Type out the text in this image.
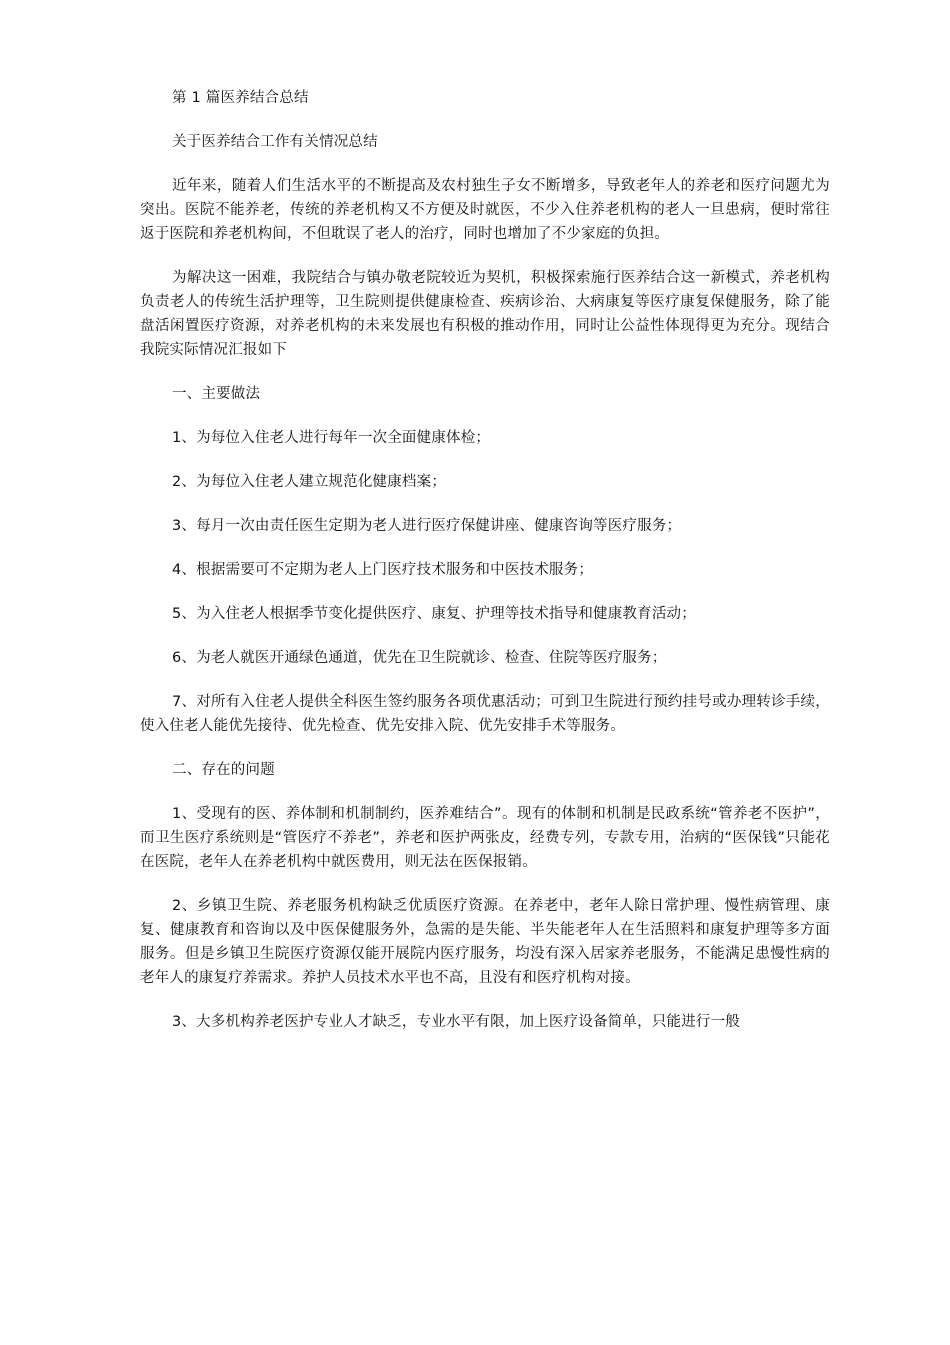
第 1 篇医养结合总结

关于医养结合工作有关情况总结

近年来，随着人们生活水平的不断提高及农村独生子女不断增多，导致老年人的养老和医疗问题尤为突出。医院不能养老，传统的养老机构又不方便及时就医，不少入住养老机构的老人一旦患病，便时常往返于医院和养老机构间，不但耽误了老人的治疗，同时也增加了不少家庭的负担。

为解决这一困难，我院结合与镇办敬老院较近为契机，积极探索施行医养结合这一新模式，养老机构负责老人的传统生活护理等，卫生院则提供健康检查、疾病诊治、大病康复等医疗康复保健服务，除了能盘活闲置医疗资源，对养老机构的未来发展也有积极的推动作用，同时让公益性体现得更为充分。现结合我院实际情况汇报如下

一、主要做法

1、为每位入住老人进行每年一次全面健康体检；

2、为每位入住老人建立规范化健康档案；

3、每月一次由责任医生定期为老人进行医疗保健讲座、健康咨询等医疗服务；

4、根据需要可不定期为老人上门医疗技术服务和中医技术服务；

5、为入住老人根据季节变化提供医疗、康复、护理等技术指导和健康教育活动；

6、为老人就医开通绿色通道，优先在卫生院就诊、检查、住院等医疗服务；

7、对所有入住老人提供全科医生签约服务各项优惠活动；可到卫生院进行预约挂号或办理转诊手续，使入住老人能优先接待、优先检查、优先安排入院、优先安排手术等服务。

二、存在的问题

1、受现有的医、养体制和机制制约，医养难结合”。现有的体制和机制是民政系统“管养老不医护”，而卫生医疗系统则是“管医疗不养老”，养老和医护两张皮，经费专列，专款专用，治病的“医保钱”只能花在医院，老年人在养老机构中就医费用，则无法在医保报销。

2、乡镇卫生院、养老服务机构缺乏优质医疗资源。在养老中，老年人除日常护理、慢性病管理、康复、健康教育和咨询以及中医保健服务外，急需的是失能、半失能老年人在生活照料和康复护理等多方面服务。但是乡镇卫生院医疗资源仅能开展院内医疗服务，均没有深入居家养老服务，不能满足患慢性病的老年人的康复疗养需求。养护人员技术水平也不高，且没有和医疗机构对接。

3、大多机构养老医护专业人才缺乏，专业水平有限，加上医疗设备简单，只能进行一般
